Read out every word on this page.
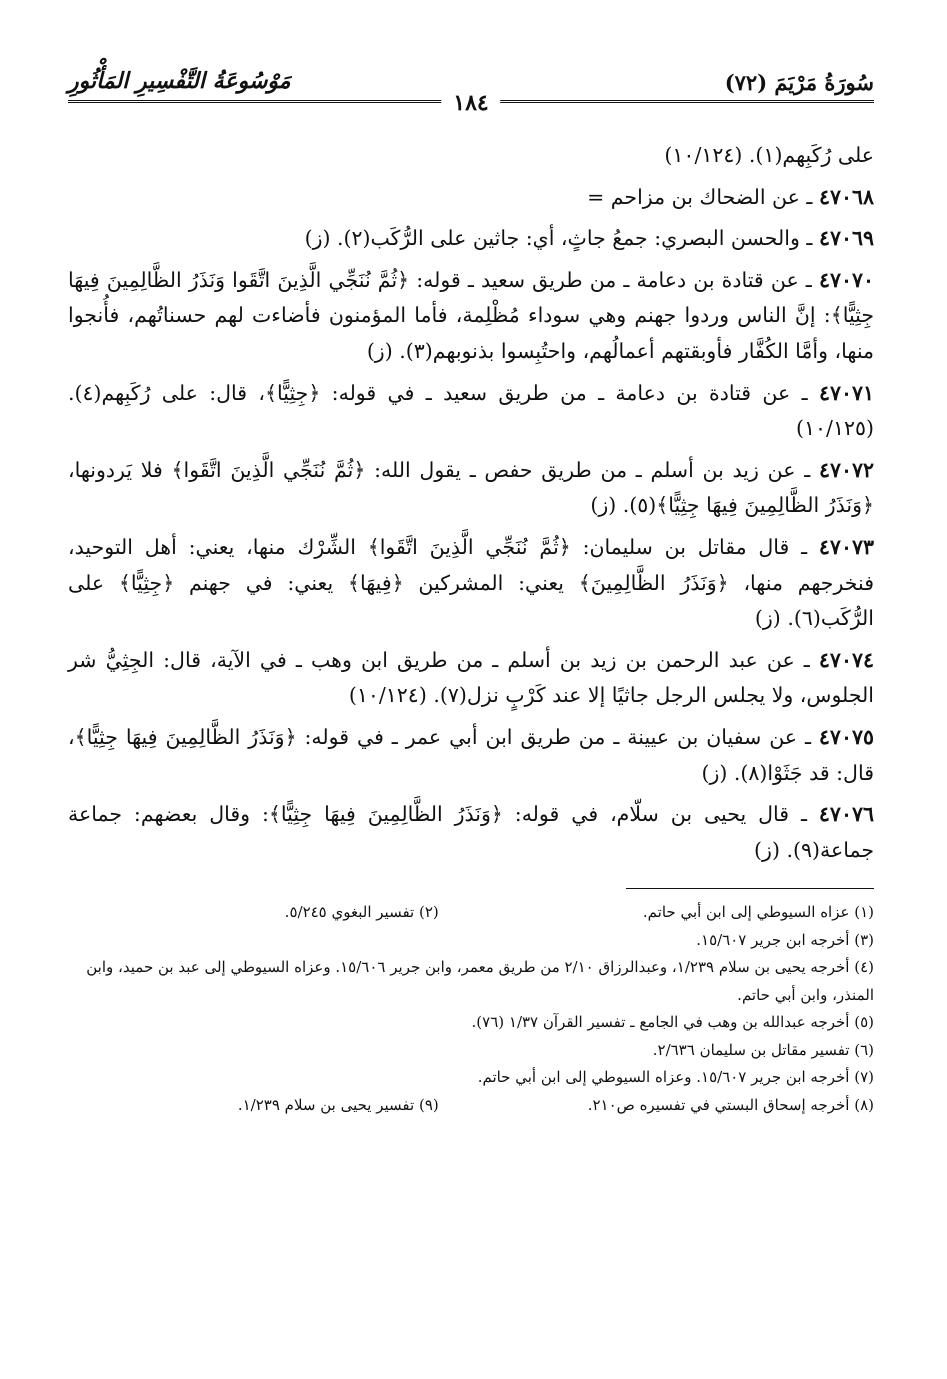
سُورَةُ مَرْيَمَ (٧٢)
مَوْسُوعَةُ التَّفْسِيرِ المَأْثُورِ
١٨٤

على رُكَبِهم(١). (١٠/١٢٤)

٤٧٠٦٨ ـ عن الضحاك بن مزاحم =

٤٧٠٦٩ ـ والحسن البصري: جمعُ جاثٍ، أي: جاثين على الرُّكَب(٢). (ز)

٤٧٠٧٠ ـ عن قتادة بن دعامة ـ من طريق سعيد ـ قوله: ﴿ثُمَّ نُنَجِّي الَّذِينَ اتَّقَوا وَنَذَرُ الظَّالِمِينَ فِيهَا جِثِيًّا﴾: إنَّ الناس وردوا جهنم وهي سوداء مُظْلِمة، فأما المؤمنون فأضاءت لهم حسناتُهم، فأُنجوا منها، وأمَّا الكُفَّار فأوبقتهم أعمالُهم، واحتُبِسوا بذنوبهم(٣). (ز)

٤٧٠٧١ ـ عن قتادة بن دعامة ـ من طريق سعيد ـ في قوله: ﴿جِثِيًّا﴾، قال: على رُكَبِهم(٤). (١٠/١٢٥)

٤٧٠٧٢ ـ عن زيد بن أسلم ـ من طريق حفص ـ يقول الله: ﴿ثُمَّ نُنَجِّي الَّذِينَ اتَّقَوا﴾ فلا يَردونها، ﴿وَنَذَرُ الظَّالِمِينَ فِيهَا جِثِيًّا﴾(٥). (ز)

٤٧٠٧٣ ـ قال مقاتل بن سليمان: ﴿ثُمَّ نُنَجِّي الَّذِينَ اتَّقَوا﴾ الشِّرْك منها، يعني: أهل التوحيد، فنخرجهم منها، ﴿وَنَذَرُ الظَّالِمِينَ﴾ يعني: المشركين ﴿فِيهَا﴾ يعني: في جهنم ﴿جِثِيًّا﴾ على الرُّكَب(٦). (ز)

٤٧٠٧٤ ـ عن عبد الرحمن بن زيد بن أسلم ـ من طريق ابن وهب ـ في الآية، قال: الجِثِيُّ شر الجلوس، ولا يجلس الرجل جاثيًا إلا عند كَرْبٍ نزل(٧). (١٠/١٢٤)

٤٧٠٧٥ ـ عن سفيان بن عيينة ـ من طريق ابن أبي عمر ـ في قوله: ﴿وَنَذَرُ الظَّالِمِينَ فِيهَا جِثِيًّا﴾، قال: قد جَثَوْا(٨). (ز)

٤٧٠٧٦ ـ قال يحيى بن سلّام، في قوله: ﴿وَنَذَرُ الظَّالِمِينَ فِيهَا جِثِيًّا﴾: وقال بعضهم: جماعة جماعة(٩). (ز)

(١) عزاه السيوطي إلى ابن أبي حاتم.
(٢) تفسير البغوي ٥/٢٤٥.
(٣) أخرجه ابن جرير ١٥/٦٠٧.
(٤) أخرجه يحيى بن سلام ١/٢٣٩، وعبدالرزاق ٢/١٠ من طريق معمر، وابن جرير ١٥/٦٠٦. وعزاه السيوطي إلى عبد بن حميد، وابن المنذر، وابن أبي حاتم.
(٥) أخرجه عبدالله بن وهب في الجامع ـ تفسير القرآن ١/٣٧ (٧٦).
(٦) تفسير مقاتل بن سليمان ٢/٦٣٦.
(٧) أخرجه ابن جرير ١٥/٦٠٧. وعزاه السيوطي إلى ابن أبي حاتم.
(٨) أخرجه إسحاق البستي في تفسيره ص٢١٠.
(٩) تفسير يحيى بن سلام ١/٢٣٩.
